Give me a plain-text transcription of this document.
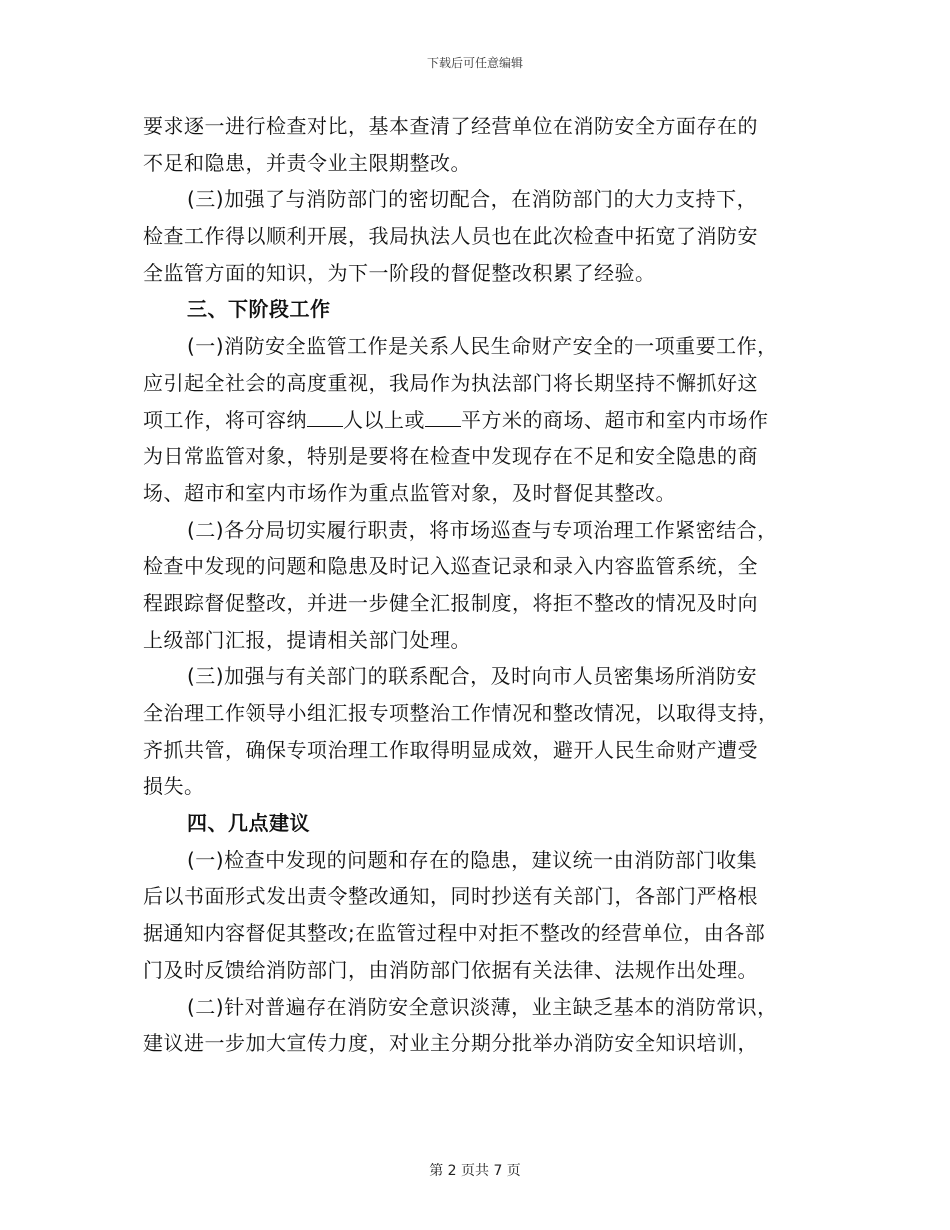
下载后可任意编辑
要求逐一进行检查对比，基本查清了经营单位在消防安全方面存在的
不足和隐患，并责令业主限期整改。
(三)加强了与消防部门的密切配合，在消防部门的大力支持下，
检查工作得以顺利开展，我局执法人员也在此次检查中拓宽了消防安
全监管方面的知识，为下一阶段的督促整改积累了经验。
三、下阶段工作
(一)消防安全监管工作是关系人民生命财产安全的一项重要工作，
应引起全社会的高度重视，我局作为执法部门将长期坚持不懈抓好这
项工作，将可容纳 人以上或 平方米的商场、超市和室内市场作
为日常监管对象，特别是要将在检查中发现存在不足和安全隐患的商
场、超市和室内市场作为重点监管对象，及时督促其整改。
(二)各分局切实履行职责，将市场巡查与专项治理工作紧密结合，
检查中发现的问题和隐患及时记入巡查记录和录入内容监管系统，全
程跟踪督促整改，并进一步健全汇报制度，将拒不整改的情况及时向
上级部门汇报，提请相关部门处理。
(三)加强与有关部门的联系配合，及时向市人员密集场所消防安
全治理工作领导小组汇报专项整治工作情况和整改情况，以取得支持，
齐抓共管，确保专项治理工作取得明显成效，避开人民生命财产遭受
损失。
四、几点建议
(一)检查中发现的问题和存在的隐患，建议统一由消防部门收集
后以书面形式发出责令整改通知，同时抄送有关部门，各部门严格根
据通知内容督促其整改;在监管过程中对拒不整改的经营单位，由各部
门及时反馈给消防部门，由消防部门依据有关法律、法规作出处理。
(二)针对普遍存在消防安全意识淡薄，业主缺乏基本的消防常识，
建议进一步加大宣传力度，对业主分期分批举办消防安全知识培训，
第 2 页共 7 页
